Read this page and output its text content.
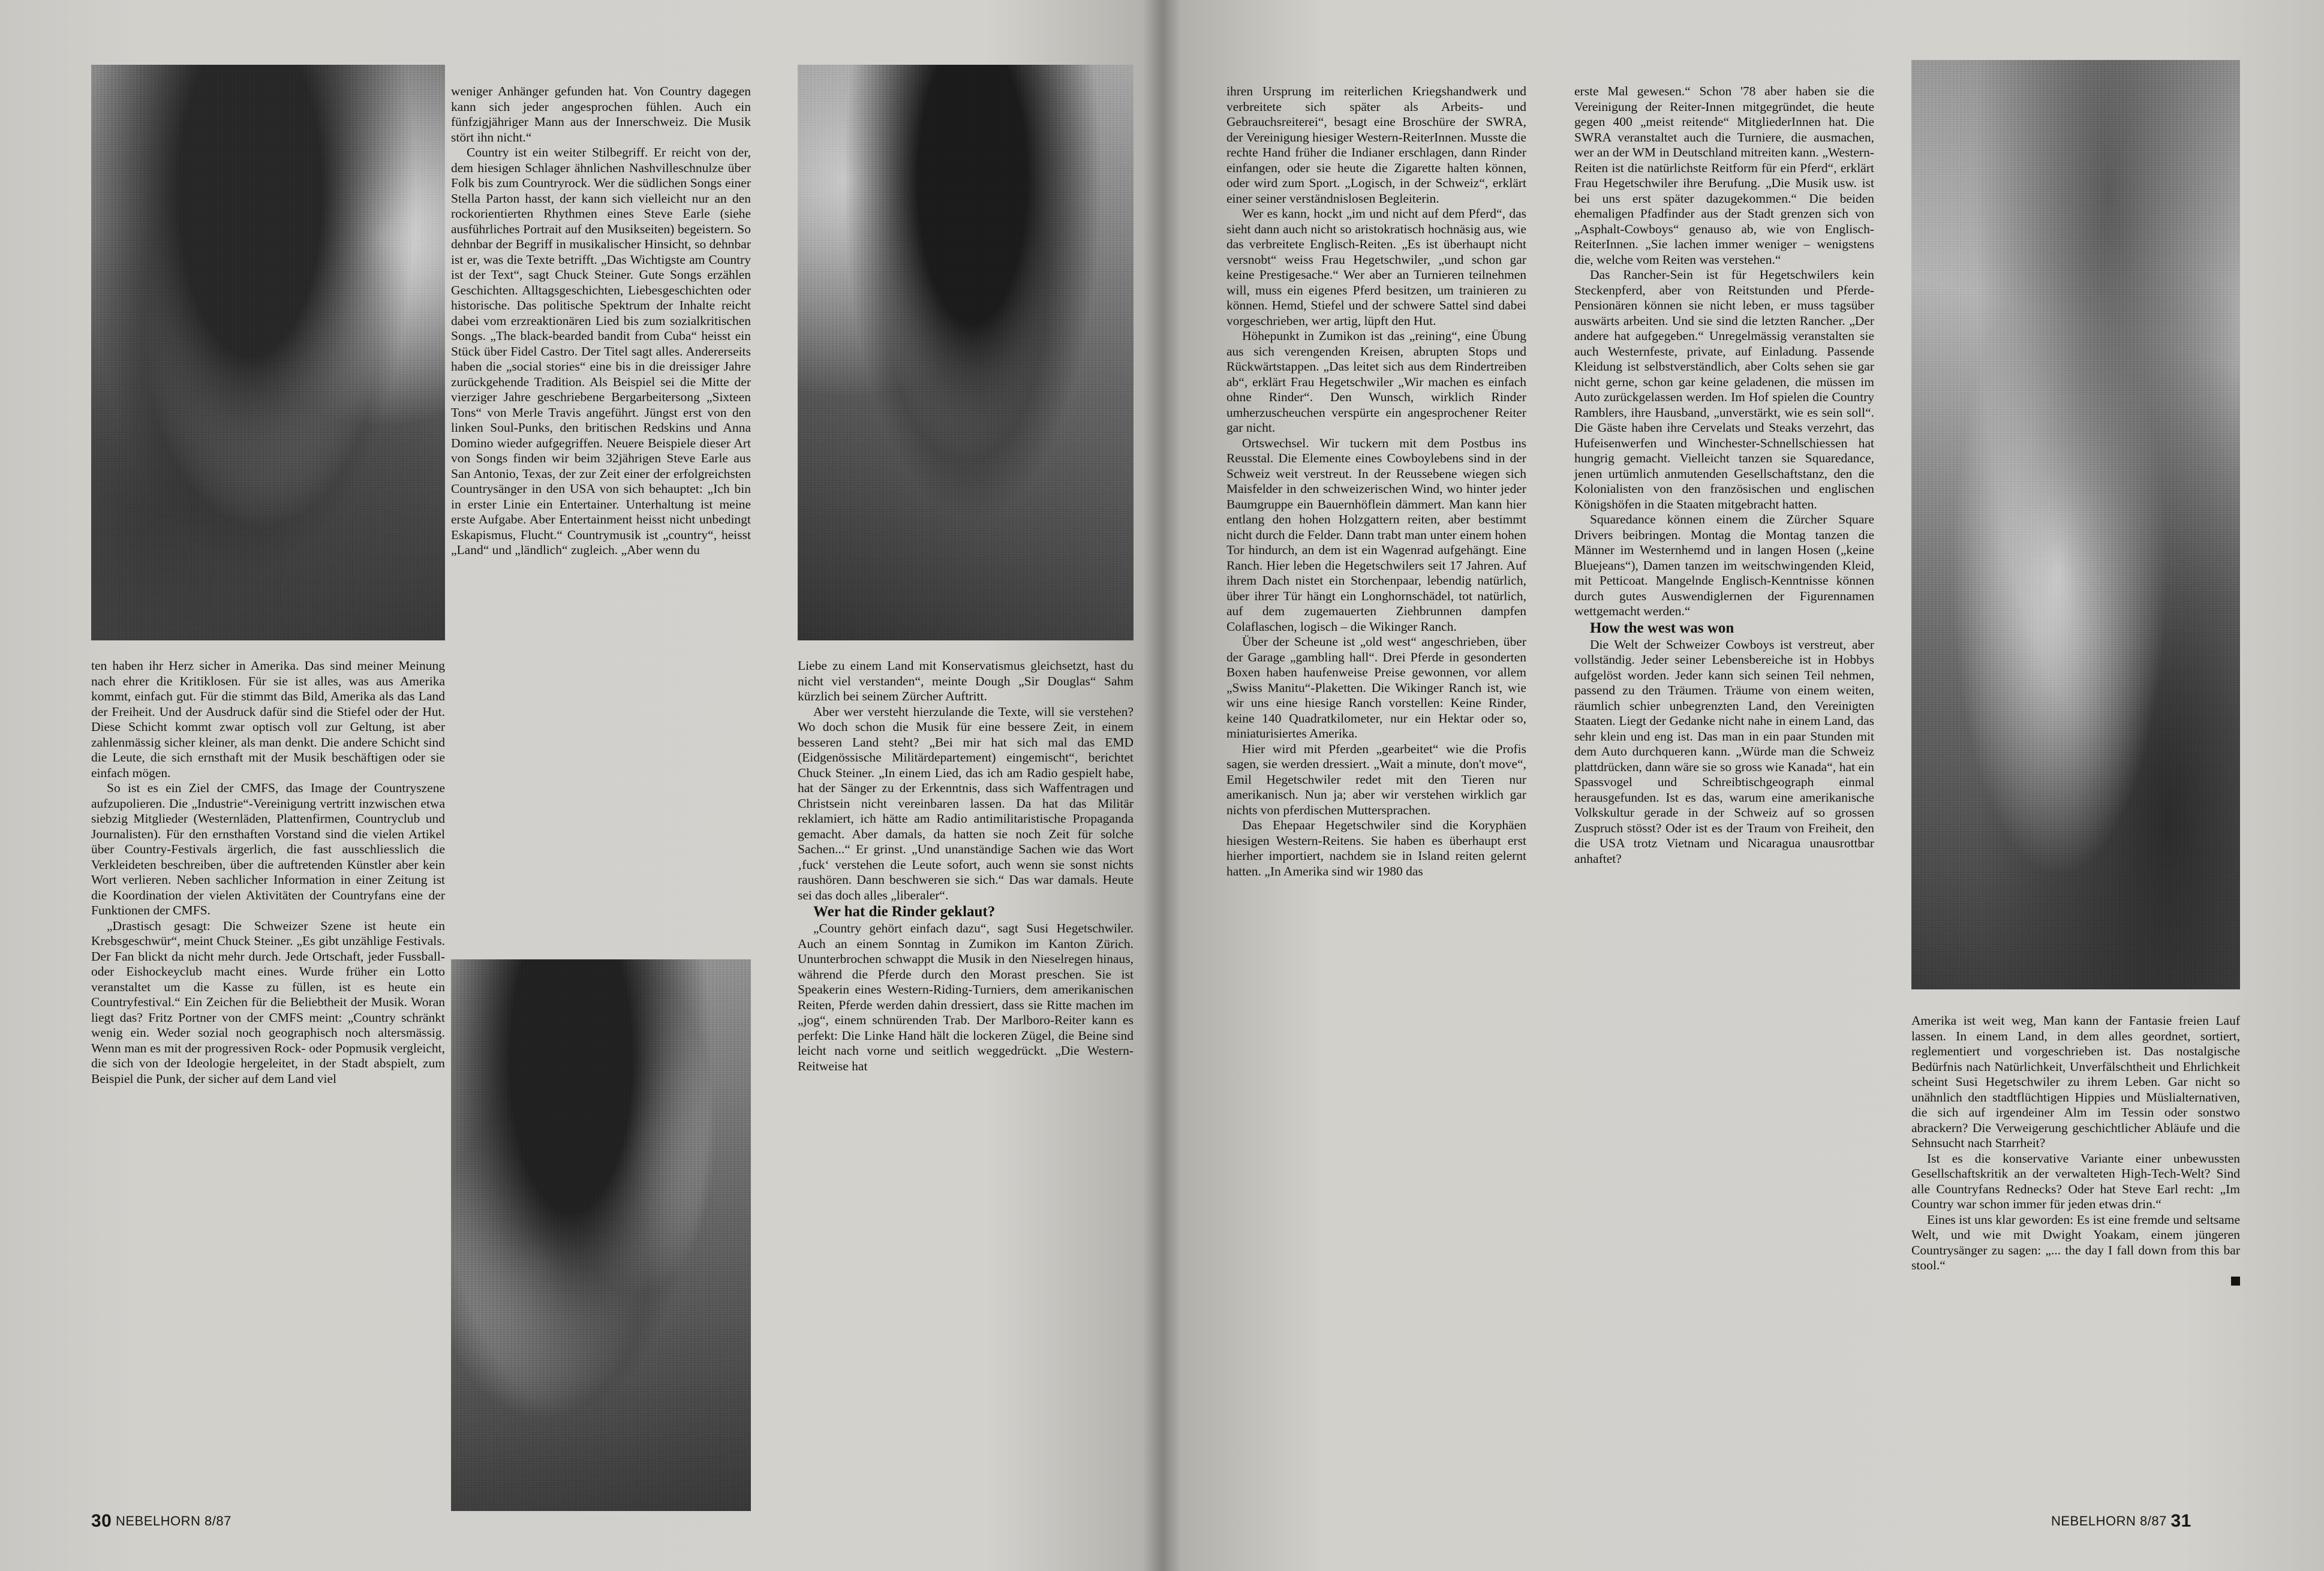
ten haben ihr Herz sicher in Amerika. Das sind meiner Meinung nach ehrer die Kritiklosen. Für sie ist alles, was aus Amerika kommt, einfach gut. Für die stimmt das Bild, Amerika als das Land der Freiheit. Und der Ausdruck dafür sind die Stiefel oder der Hut. Diese Schicht kommt zwar optisch voll zur Geltung, ist aber zahlenmässig sicher kleiner, als man denkt. Die andere Schicht sind die Leute, die sich ernsthaft mit der Musik beschäftigen oder sie einfach mögen.

So ist es ein Ziel der CMFS, das Image der Countryszene aufzupolieren. Die „Industrie“-Vereinigung vertritt inzwischen etwa siebzig Mitglieder (Westernläden, Plattenfirmen, Countryclub und Journalisten). Für den ernsthaften Vorstand sind die vielen Artikel über Country-Festivals ärgerlich, die fast ausschliesslich die Verkleideten beschreiben, über die auftretenden Künstler aber kein Wort verlieren. Neben sachlicher Information in einer Zeitung ist die Koordination der vielen Aktivitäten der Countryfans eine der Funktionen der CMFS.

„Drastisch gesagt: Die Schweizer Szene ist heute ein Krebsgeschwür“, meint Chuck Steiner. „Es gibt unzählige Festivals. Der Fan blickt da nicht mehr durch. Jede Ortschaft, jeder Fussball- oder Eishockeyclub macht eines. Wurde früher ein Lotto veranstaltet um die Kasse zu füllen, ist es heute ein Countryfestival.“ Ein Zeichen für die Beliebtheit der Musik. Woran liegt das? Fritz Portner von der CMFS meint: „Country schränkt wenig ein. Weder sozial noch geographisch noch altersmässig. Wenn man es mit der progressiven Rock- oder Popmusik vergleicht, die sich von der Ideologie hergeleitet, in der Stadt abspielt, zum Beispiel die Punk, der sicher auf dem Land viel

weniger Anhänger gefunden hat. Von Country dagegen kann sich jeder angesprochen fühlen. Auch ein fünfzigjähriger Mann aus der Innerschweiz. Die Musik stört ihn nicht.“

Country ist ein weiter Stilbegriff. Er reicht von der, dem hiesigen Schlager ähnlichen Nashvilleschnulze über Folk bis zum Countryrock. Wer die südlichen Songs einer Stella Parton hasst, der kann sich vielleicht nur an den rockorientierten Rhythmen eines Steve Earle (siehe ausführliches Portrait auf den Musikseiten) begeistern. So dehnbar der Begriff in musikalischer Hinsicht, so dehnbar ist er, was die Texte betrifft. „Das Wichtigste am Country ist der Text“, sagt Chuck Steiner. Gute Songs erzählen Geschichten. Alltagsgeschichten, Liebesgeschichten oder historische. Das politische Spektrum der Inhalte reicht dabei vom erzreaktionären Lied bis zum sozialkritischen Songs. „The black-bearded bandit from Cuba“ heisst ein Stück über Fidel Castro. Der Titel sagt alles. Andererseits haben die „social stories“ eine bis in die dreissiger Jahre zurückgehende Tradition. Als Beispiel sei die Mitte der vierziger Jahre geschriebene Bergarbeitersong „Sixteen Tons“ von Merle Travis angeführt. Jüngst erst von den linken Soul-Punks, den britischen Redskins und Anna Domino wieder aufgegriffen. Neuere Beispiele dieser Art von Songs finden wir beim 32jährigen Steve Earle aus San Antonio, Texas, der zur Zeit einer der erfolgreichsten Countrysänger in den USA von sich behauptet: „Ich bin in erster Linie ein Entertainer. Unterhaltung ist meine erste Aufgabe. Aber Entertainment heisst nicht unbedingt Eskapismus, Flucht.“ Countrymusik ist „country“, heisst „Land“ und „ländlich“ zugleich. „Aber wenn du

Liebe zu einem Land mit Konservatismus gleichsetzt, hast du nicht viel verstanden“, meinte Dough „Sir Douglas“ Sahm kürzlich bei seinem Zürcher Auftritt.

Aber wer versteht hierzulande die Texte, will sie verstehen? Wo doch schon die Musik für eine bessere Zeit, in einem besseren Land steht? „Bei mir hat sich mal das EMD (Eidgenössische Militärdepartement) eingemischt“, berichtet Chuck Steiner. „In einem Lied, das ich am Radio gespielt habe, hat der Sänger zu der Erkenntnis, dass sich Waffentragen und Christsein nicht vereinbaren lassen. Da hat das Militär reklamiert, ich hätte am Radio antimilitaristische Propaganda gemacht. Aber damals, da hatten sie noch Zeit für solche Sachen...“ Er grinst. „Und unanständige Sachen wie das Wort ‚fuck‘ verstehen die Leute sofort, auch wenn sie sonst nichts raushören. Dann beschweren sie sich.“ Das war damals. Heute sei das doch alles „liberaler“.

Wer hat die Rinder geklaut?

„Country gehört einfach dazu“, sagt Susi Hegetschwiler. Auch an einem Sonntag in Zumikon im Kanton Zürich. Ununterbrochen schwappt die Musik in den Nieselregen hinaus, während die Pferde durch den Morast preschen. Sie ist Speakerin eines Western-Riding-Turniers, dem amerikanischen Reiten, Pferde werden dahin dressiert, dass sie Ritte machen im „jog“, einem schnürenden Trab. Der Marlboro-Reiter kann es perfekt: Die Linke Hand hält die lockeren Zügel, die Beine sind leicht nach vorne und seitlich weggedrückt. „Die Western-Reitweise hat

ihren Ursprung im reiterlichen Kriegshandwerk und verbreitete sich später als Arbeits- und Gebrauchsreiterei“, besagt eine Broschüre der SWRA, der Vereinigung hiesiger Western-ReiterInnen. Musste die rechte Hand früher die Indianer erschlagen, dann Rinder einfangen, oder sie heute die Zigarette halten können, oder wird zum Sport. „Logisch, in der Schweiz“, erklärt einer seiner verständnislosen Begleiterin.

Wer es kann, hockt „im und nicht auf dem Pferd“, das sieht dann auch nicht so aristokratisch hochnäsig aus, wie das verbreitete Englisch-Reiten. „Es ist überhaupt nicht versnobt“ weiss Frau Hegetschwiler, „und schon gar keine Prestigesache.“ Wer aber an Turnieren teilnehmen will, muss ein eigenes Pferd besitzen, um trainieren zu können. Hemd, Stiefel und der schwere Sattel sind dabei vorgeschrieben, wer artig, lüpft den Hut.

Höhepunkt in Zumikon ist das „reining“, eine Übung aus sich verengenden Kreisen, abrupten Stops und Rückwärtstappen. „Das leitet sich aus dem Rindertreiben ab“, erklärt Frau Hegetschwiler „Wir machen es einfach ohne Rinder“. Den Wunsch, wirklich Rinder umherzuscheuchen verspürte ein angesprochener Reiter gar nicht.

Ortswechsel. Wir tuckern mit dem Postbus ins Reusstal. Die Elemente eines Cowboylebens sind in der Schweiz weit verstreut. In der Reussebene wiegen sich Maisfelder in den schweizerischen Wind, wo hinter jeder Baumgruppe ein Bauernhöflein dämmert. Man kann hier entlang den hohen Holzgattern reiten, aber bestimmt nicht durch die Felder. Dann trabt man unter einem hohen Tor hindurch, an dem ist ein Wagenrad aufgehängt. Eine Ranch. Hier leben die Hegetschwilers seit 17 Jahren. Auf ihrem Dach nistet ein Storchenpaar, lebendig natürlich, über ihrer Tür hängt ein Longhornschädel, tot natürlich, auf dem zugemauerten Ziehbrunnen dampfen Colaflaschen, logisch – die Wikinger Ranch.

Über der Scheune ist „old west“ angeschrieben, über der Garage „gambling hall“. Drei Pferde in gesonderten Boxen haben haufenweise Preise gewonnen, vor allem „Swiss Manitu“-Plaketten. Die Wikinger Ranch ist, wie wir uns eine hiesige Ranch vorstellen: Keine Rinder, keine 140 Quadratkilometer, nur ein Hektar oder so, miniaturisiertes Amerika.

Hier wird mit Pferden „gearbeitet“ wie die Profis sagen, sie werden dressiert. „Wait a minute, don't move“, Emil Hegetschwiler redet mit den Tieren nur amerikanisch. Nun ja; aber wir verstehen wirklich gar nichts von pferdischen Muttersprachen.

Das Ehepaar Hegetschwiler sind die Koryphäen hiesigen Western-Reitens. Sie haben es überhaupt erst hierher importiert, nachdem sie in Island reiten gelernt hatten. „In Amerika sind wir 1980 das

erste Mal gewesen.“ Schon '78 aber haben sie die Vereinigung der Reiter-Innen mitgegründet, die heute gegen 400 „meist reitende“ MitgliederInnen hat. Die SWRA veranstaltet auch die Turniere, die ausmachen, wer an der WM in Deutschland mitreiten kann. „Western-Reiten ist die natürlichste Reitform für ein Pferd“, erklärt Frau Hegetschwiler ihre Berufung. „Die Musik usw. ist bei uns erst später dazugekommen.“ Die beiden ehemaligen Pfadfinder aus der Stadt grenzen sich von „Asphalt-Cowboys“ genauso ab, wie von Englisch-ReiterInnen. „Sie lachen immer weniger – wenigstens die, welche vom Reiten was verstehen.“

Das Rancher-Sein ist für Hegetschwilers kein Steckenpferd, aber von Reitstunden und Pferde-Pensionären können sie nicht leben, er muss tagsüber auswärts arbeiten. Und sie sind die letzten Rancher. „Der andere hat aufgegeben.“ Unregelmässig veranstalten sie auch Westernfeste, private, auf Einladung. Passende Kleidung ist selbstverständlich, aber Colts sehen sie gar nicht gerne, schon gar keine geladenen, die müssen im Auto zurückgelassen werden. Im Hof spielen die Country Ramblers, ihre Hausband, „unverstärkt, wie es sein soll“. Die Gäste haben ihre Cervelats und Steaks verzehrt, das Hufeisenwerfen und Winchester-Schnellschiessen hat hungrig gemacht. Vielleicht tanzen sie Squaredance, jenen urtümlich anmutenden Gesellschaftstanz, den die Kolonialisten von den französischen und englischen Königshöfen in die Staaten mitgebracht hatten.

Squaredance können einem die Zürcher Square Drivers beibringen. Montag die Montag tanzen die Männer im Westernhemd und in langen Hosen („keine Bluejeans“), Damen tanzen im weitschwingenden Kleid, mit Petticoat. Mangelnde Englisch-Kenntnisse können durch gutes Auswendiglernen der Figurennamen wettgemacht werden.“

How the west was won

Die Welt der Schweizer Cowboys ist verstreut, aber vollständig. Jeder seiner Lebensbereiche ist in Hobbys aufgelöst worden. Jeder kann sich seinen Teil nehmen, passend zu den Träumen. Träume von einem weiten, räumlich schier unbegrenzten Land, den Vereinigten Staaten. Liegt der Gedanke nicht nahe in einem Land, das sehr klein und eng ist. Das man in ein paar Stunden mit dem Auto durchqueren kann. „Würde man die Schweiz plattdrücken, dann wäre sie so gross wie Kanada“, hat ein Spassvogel und Schreibtischgeograph einmal herausgefunden. Ist es das, warum eine amerikanische Volkskultur gerade in der Schweiz auf so grossen Zuspruch stösst? Oder ist es der Traum von Freiheit, den die USA trotz Vietnam und Nicaragua unausrottbar anhaftet?

Amerika ist weit weg, Man kann der Fantasie freien Lauf lassen. In einem Land, in dem alles geordnet, sortiert, reglementiert und vorgeschrieben ist. Das nostalgische Bedürfnis nach Natürlichkeit, Unverfälschtheit und Ehrlichkeit scheint Susi Hegetschwiler zu ihrem Leben. Gar nicht so unähnlich den stadtflüchtigen Hippies und Müslialternativen, die sich auf irgendeiner Alm im Tessin oder sonstwo abrackern? Die Verweigerung geschichtlicher Abläufe und die Sehnsucht nach Starrheit?

Ist es die konservative Variante einer unbewussten Gesellschaftskritik an der verwalteten High-Tech-Welt? Sind alle Countryfans Rednecks? Oder hat Steve Earl recht: „Im Country war schon immer für jeden etwas drin.“

Eines ist uns klar geworden: Es ist eine fremde und seltsame Welt, und wie mit Dwight Yoakam, einem jüngeren Countrysänger zu sagen: „... the day I fall down from this bar stool.“

30 NEBELHORN 8/87	NEBELHORN 8/87 31
